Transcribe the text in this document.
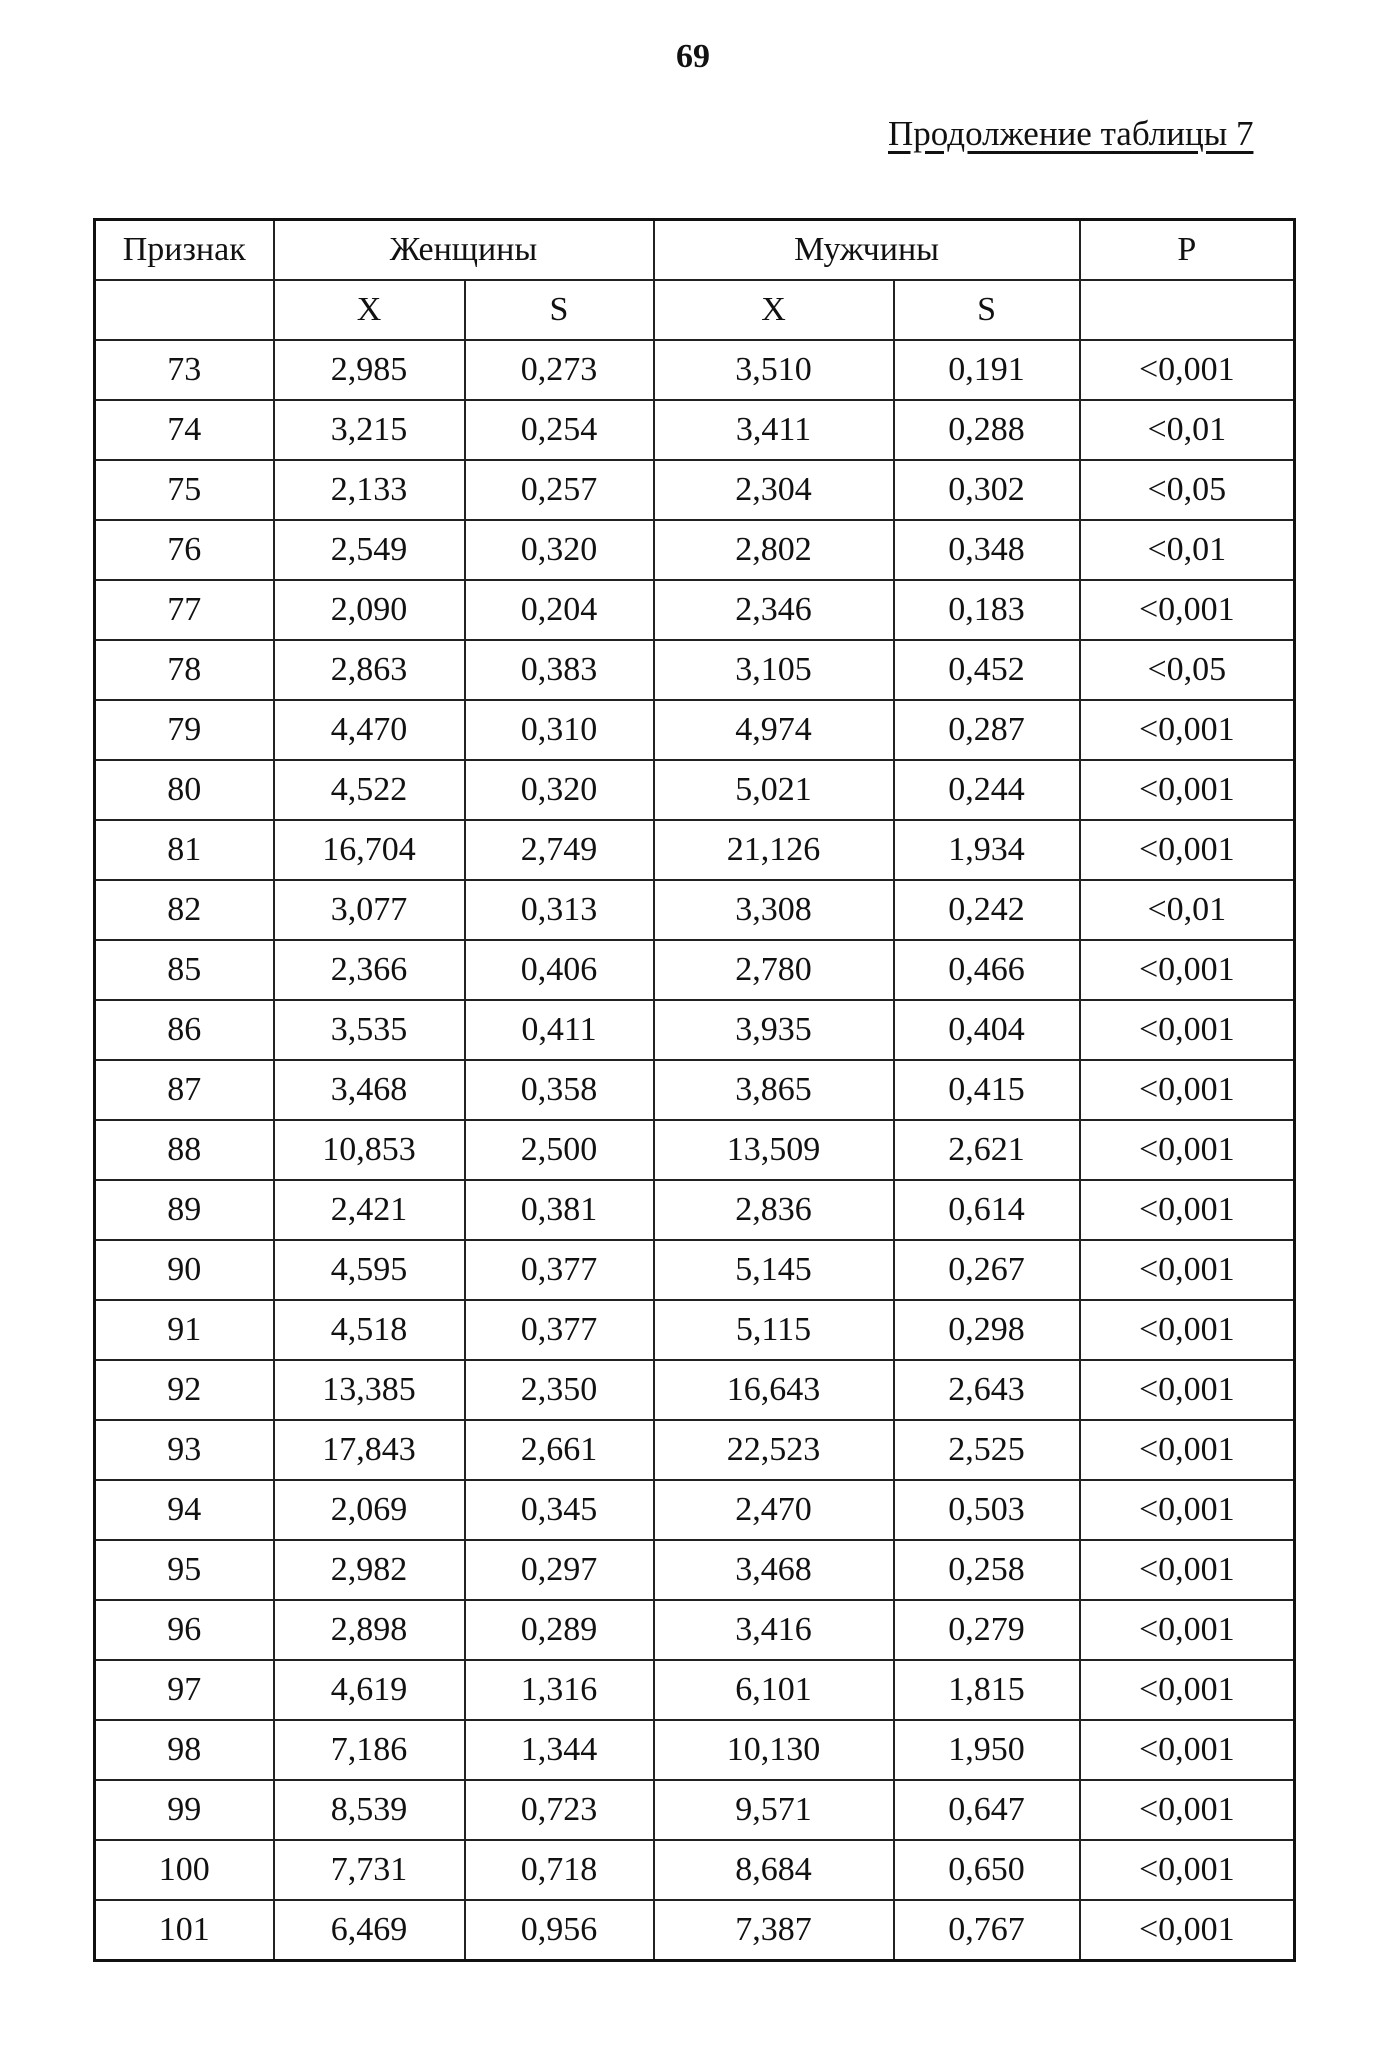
69
Продолжение таблицы 7
Признак	Женщины		Мужчины		P
	X	S	X	S	
73	2,985	0,273	3,510	0,191	<0,001
74	3,215	0,254	3,411	0,288	<0,01
75	2,133	0,257	2,304	0,302	<0,05
76	2,549	0,320	2,802	0,348	<0,01
77	2,090	0,204	2,346	0,183	<0,001
78	2,863	0,383	3,105	0,452	<0,05
79	4,470	0,310	4,974	0,287	<0,001
80	4,522	0,320	5,021	0,244	<0,001
81	16,704	2,749	21,126	1,934	<0,001
82	3,077	0,313	3,308	0,242	<0,01
85	2,366	0,406	2,780	0,466	<0,001
86	3,535	0,411	3,935	0,404	<0,001
87	3,468	0,358	3,865	0,415	<0,001
88	10,853	2,500	13,509	2,621	<0,001
89	2,421	0,381	2,836	0,614	<0,001
90	4,595	0,377	5,145	0,267	<0,001
91	4,518	0,377	5,115	0,298	<0,001
92	13,385	2,350	16,643	2,643	<0,001
93	17,843	2,661	22,523	2,525	<0,001
94	2,069	0,345	2,470	0,503	<0,001
95	2,982	0,297	3,468	0,258	<0,001
96	2,898	0,289	3,416	0,279	<0,001
97	4,619	1,316	6,101	1,815	<0,001
98	7,186	1,344	10,130	1,950	<0,001
99	8,539	0,723	9,571	0,647	<0,001
100	7,731	0,718	8,684	0,650	<0,001
101	6,469	0,956	7,387	0,767	<0,001
